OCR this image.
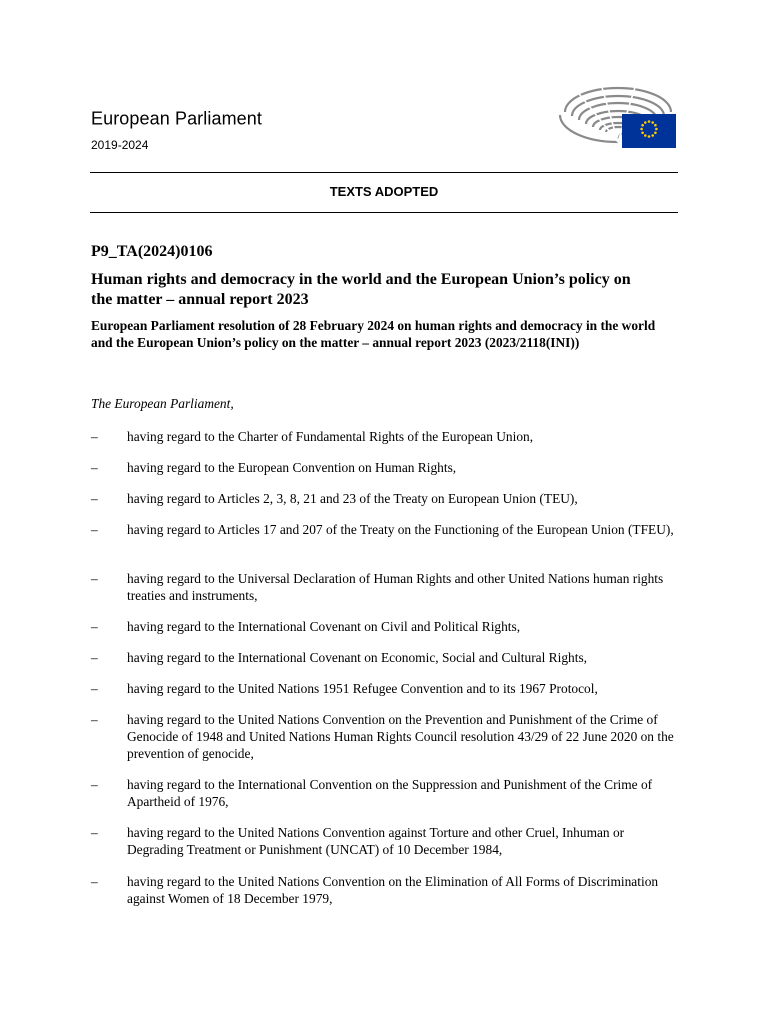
European Parliament
2019-2024
TEXTS ADOPTED
P9_TA(2024)0106
Human rights and democracy in the world and the European Union’s policy on the matter – annual report 2023
European Parliament resolution of 28 February 2024 on human rights and democracy in the world and the European Union’s policy on the matter – annual report 2023 (2023/2118(INI))
The European Parliament,
– having regard to the Charter of Fundamental Rights of the European Union,
– having regard to the European Convention on Human Rights,
– having regard to Articles 2, 3, 8, 21 and 23 of the Treaty on European Union (TEU),
– having regard to Articles 17 and 207 of the Treaty on the Functioning of the European Union (TFEU),
– having regard to the Universal Declaration of Human Rights and other United Nations human rights treaties and instruments,
– having regard to the International Covenant on Civil and Political Rights,
– having regard to the International Covenant on Economic, Social and Cultural Rights,
– having regard to the United Nations 1951 Refugee Convention and to its 1967 Protocol,
– having regard to the United Nations Convention on the Prevention and Punishment of the Crime of Genocide of 1948 and United Nations Human Rights Council resolution 43/29 of 22 June 2020 on the prevention of genocide,
– having regard to the International Convention on the Suppression and Punishment of the Crime of Apartheid of 1976,
– having regard to the United Nations Convention against Torture and other Cruel, Inhuman or Degrading Treatment or Punishment (UNCAT) of 10 December 1984,
– having regard to the United Nations Convention on the Elimination of All Forms of Discrimination against Women of 18 December 1979,
